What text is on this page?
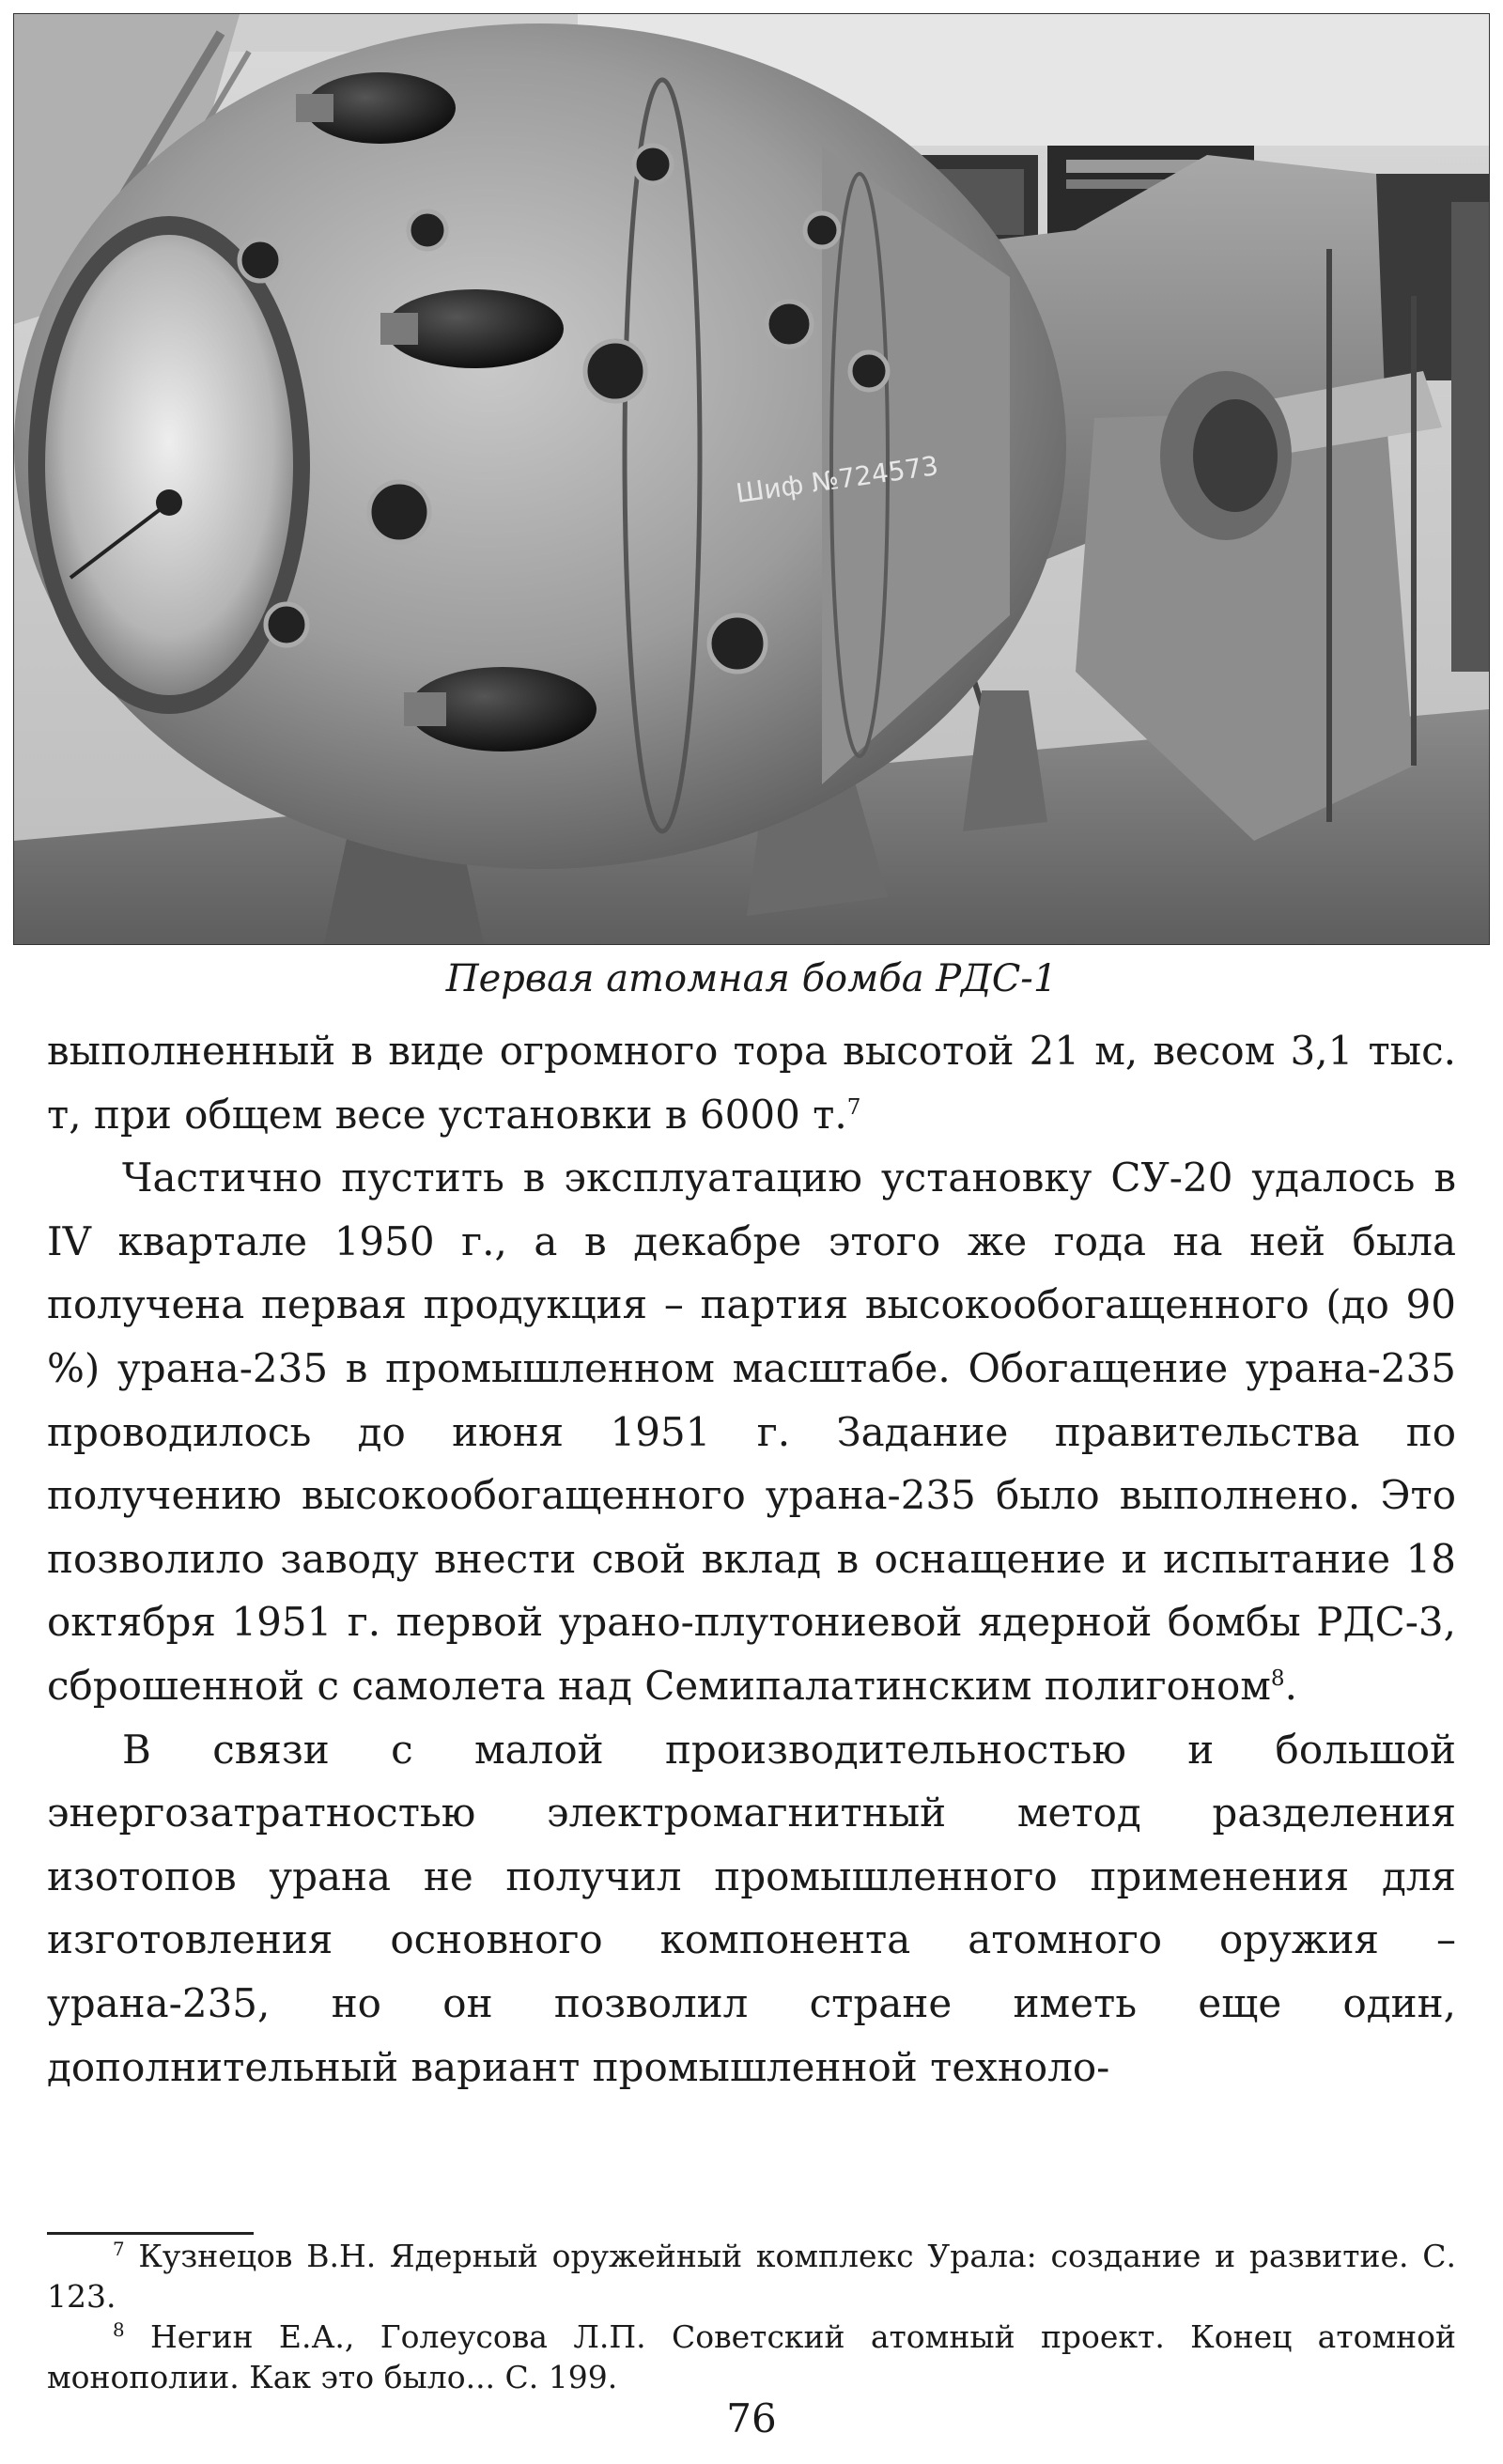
Шиф №724573

Первая атомная бомба РДС-1

выполненный в виде огромного тора высотой 21 м, весом 3,1 тыс. т, при общем весе установки в 6000 т.$^7$

Частично пустить в эксплуатацию установку СУ-20 удалось в IV квартале 1950 г., а в декабре этого же года на ней была получена первая продукция – партия высокообогащенного (до 90 %) урана-235 в промышленном масштабе. Обогащение урана-235 проводилось до июня 1951 г. Задание правительства по получению высокообогащенного урана-235 было выполнено. Это позволило заводу внести свой вклад в оснащение и испытание 18 октября 1951 г. первой урано-плутониевой ядерной бомбы РДС-3, сброшенной с самолета над Семипалатинским полигоном$^8$.

В связи с малой производительностью и большой энергозатратностью электромагнитный метод разделения изотопов урана не получил промышленного применения для изготовления основного компонента атомного оружия – урана-235, но он позволил стране иметь еще один, дополнительный вариант промышленной техноло-

$^7$ Кузнецов В.Н. Ядерный оружейный комплекс Урала: создание и развитие. С. 123.

$^8$ Негин Е.А., Голеусова Л.П. Советский атомный проект. Конец атомной монополии. Как это было... С. 199.

76
